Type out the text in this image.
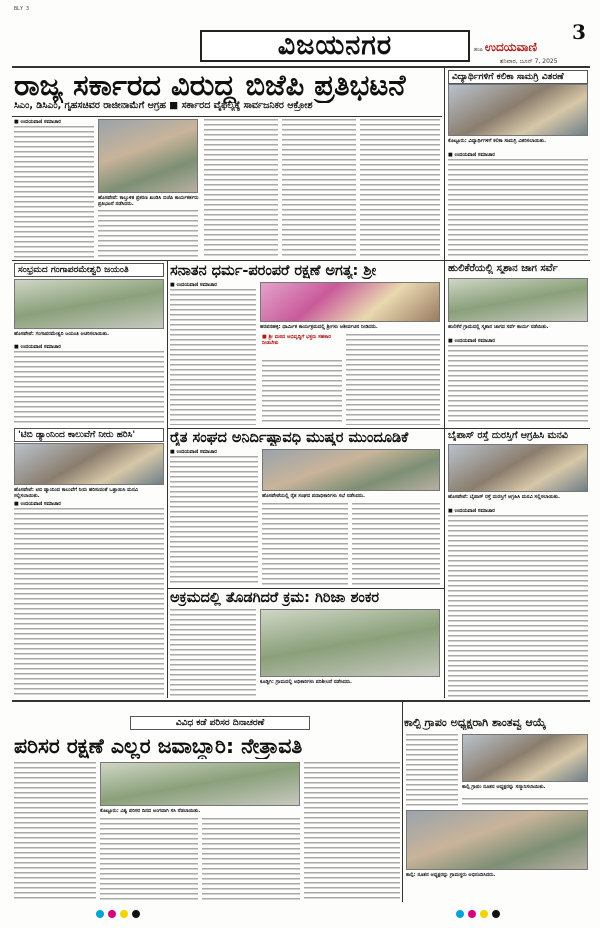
BLY 3
ವಿಜಯನಗರ	3
ಹಂಪಿ ಉದಯವಾಣಿ
ಶನಿವಾರ, ಜೂನ್ 7, 2025
ರಾಜ್ಯ ಸರ್ಕಾರದ ವಿರುದ್ಧ ಬಿಜೆಪಿ ಪ್ರತಿಭಟನೆ
ಸಿಎಂ, ಡಿಸಿಎಂ, ಗೃಹಸಚಿವರ ರಾಜೀನಾಮೆಗೆ ಆಗ್ರಹ ■ ಸರ್ಕಾರದ ವೈಫಲ್ಯಕ್ಕೆ ಸಾರ್ವಜನಿಕರ ಆಕ್ರೋಶ
■ ಉದಯವಾಣಿ ಸಮಾಚಾರ
ಹೊಸಪೇಟೆ: ಕಾಲ್ತುಳಿತ ಪ್ರಕರಣ ಖಂಡಿಸಿ ಬಿಜೆಪಿ ಕಾರ್ಯಕರ್ತರು ಪ್ರತಿಭಟನೆ ನಡೆಸಿದರು.
ವಿದ್ಯಾರ್ಥಿಗಳಿಗೆ ಕಲಿಕಾ ಸಾಮಗ್ರಿ ವಿತರಣೆ
ಕೊಟ್ಟೂರು: ವಿದ್ಯಾರ್ಥಿಗಳಿಗೆ ಕಲಿಕಾ ಸಾಮಗ್ರಿ ವಿತರಿಸಲಾಯಿತು.
■ ಉದಯವಾಣಿ ಸಮಾಚಾರ
ಸಂಭ್ರಮದ ಗಂಗಾಪರಮೇಶ್ವರಿ ಜಯಂತಿ
ಹೊಸಪೇಟೆ: ಗಂಗಾಪರಮೇಶ್ವರಿ ಜಯಂತಿ ಆಚರಿಸಲಾಯಿತು.
■ ಉದಯವಾಣಿ ಸಮಾಚಾರ
ಸನಾತನ ಧರ್ಮ-ಪರಂಪರೆ ರಕ್ಷಣೆ ಅಗತ್ಯ: ಶ್ರೀ
■ ಉದಯವಾಣಿ ಸಮಾಚಾರ
ಹರಪನಹಳ್ಳಿ: ಧಾರ್ಮಿಕ ಕಾರ್ಯಕ್ರಮದಲ್ಲಿ ಶ್ರೀಗಳು ಆಶೀರ್ವಚನ ನೀಡಿದರು.
■ ಶ್ರೀ ಮಠದ ಅಭಿವೃದ್ಧಿಗೆ ಭಕ್ತರು ಸಹಕಾರ ನೀಡಬೇಕು
ಹುಲಿಕೆರೆಯಲ್ಲಿ ಸ್ಮಶಾನ ಜಾಗ ಸರ್ವೆ
ಹುಲಿಕೆರೆ ಗ್ರಾಮದಲ್ಲಿ ಸ್ಮಶಾನ ಜಾಗದ ಸರ್ವೆ ಕಾರ್ಯ ನಡೆಯಿತು.
■ ಉದಯವಾಣಿ ಸಮಾಚಾರ
'ಟಿಬಿ ಡ್ಯಾಂನಿಂದ ಕಾಲುವೆಗೆ ನೀರು ಹರಿಸಿ'
ಹೊಸಪೇಟೆ: ಟಿಬಿ ಡ್ಯಾಂನಿಂದ ಕಾಲುವೆಗೆ ನೀರು ಹರಿಸುವಂತೆ ಒತ್ತಾಯಿಸಿ ಮನವಿ ಸಲ್ಲಿಸಲಾಯಿತು.
■ ಉದಯವಾಣಿ ಸಮಾಚಾರ
ರೈತ ಸಂಘದ ಅನಿರ್ದಿಷ್ಟಾವಧಿ ಮುಷ್ಕರ ಮುಂದೂಡಿಕೆ
■ ಉದಯವಾಣಿ ಸಮಾಚಾರ
ಹೊಸಪೇಟೆಯಲ್ಲಿ ರೈತ ಸಂಘದ ಪದಾಧಿಕಾರಿಗಳು ಸಭೆ ನಡೆಸಿದರು.
ಬೈಪಾಸ್ ರಸ್ತೆ ದುರಸ್ತಿಗೆ ಆಗ್ರಹಿಸಿ ಮನವಿ
ಹೊಸಪೇಟೆ: ಬೈಪಾಸ್ ರಸ್ತೆ ದುರಸ್ತಿಗೆ ಆಗ್ರಹಿಸಿ ಮನವಿ ಸಲ್ಲಿಸಲಾಯಿತು.
■ ಉದಯವಾಣಿ ಸಮಾಚಾರ
ಅಕ್ರಮದಲ್ಲಿ ತೊಡಗಿದರೆ ಕ್ರಮ: ಗಿರಿಜಾ ಶಂಕರ
ಕೂಡ್ಲಿಗಿ: ಗ್ರಾಮದಲ್ಲಿ ಅಧಿಕಾರಿಗಳು ಪರಿಶೀಲನೆ ನಡೆಸಿದರು.
ವಿವಿಧ ಕಡೆ ಪರಿಸರ ದಿನಾಚರಣೆ
ಪರಿಸರ ರಕ್ಷಣೆ ಎಲ್ಲರ ಜವಾಬ್ದಾರಿ: ನೇತ್ರಾವತಿ
ಕೊಟ್ಟೂರು: ವಿಶ್ವ ಪರಿಸರ ದಿನದ ಅಂಗವಾಗಿ ಸಸಿ ನೆಡಲಾಯಿತು.
ಕಾಲ್ಪಿ ಗ್ರಾಪಂ ಅಧ್ಯಕ್ಷರಾಗಿ ಶಾಂತವ್ವ ಆಯ್ಕೆ
ಕಾಲ್ಪಿ ಗ್ರಾಪಂ ನೂತನ ಅಧ್ಯಕ್ಷರನ್ನು ಸನ್ಮಾನಿಸಲಾಯಿತು.
ಕಾಲ್ಪಿ: ನೂತನ ಅಧ್ಯಕ್ಷರನ್ನು ಗ್ರಾಮಸ್ಥರು ಅಭಿನಂದಿಸಿದರು.
